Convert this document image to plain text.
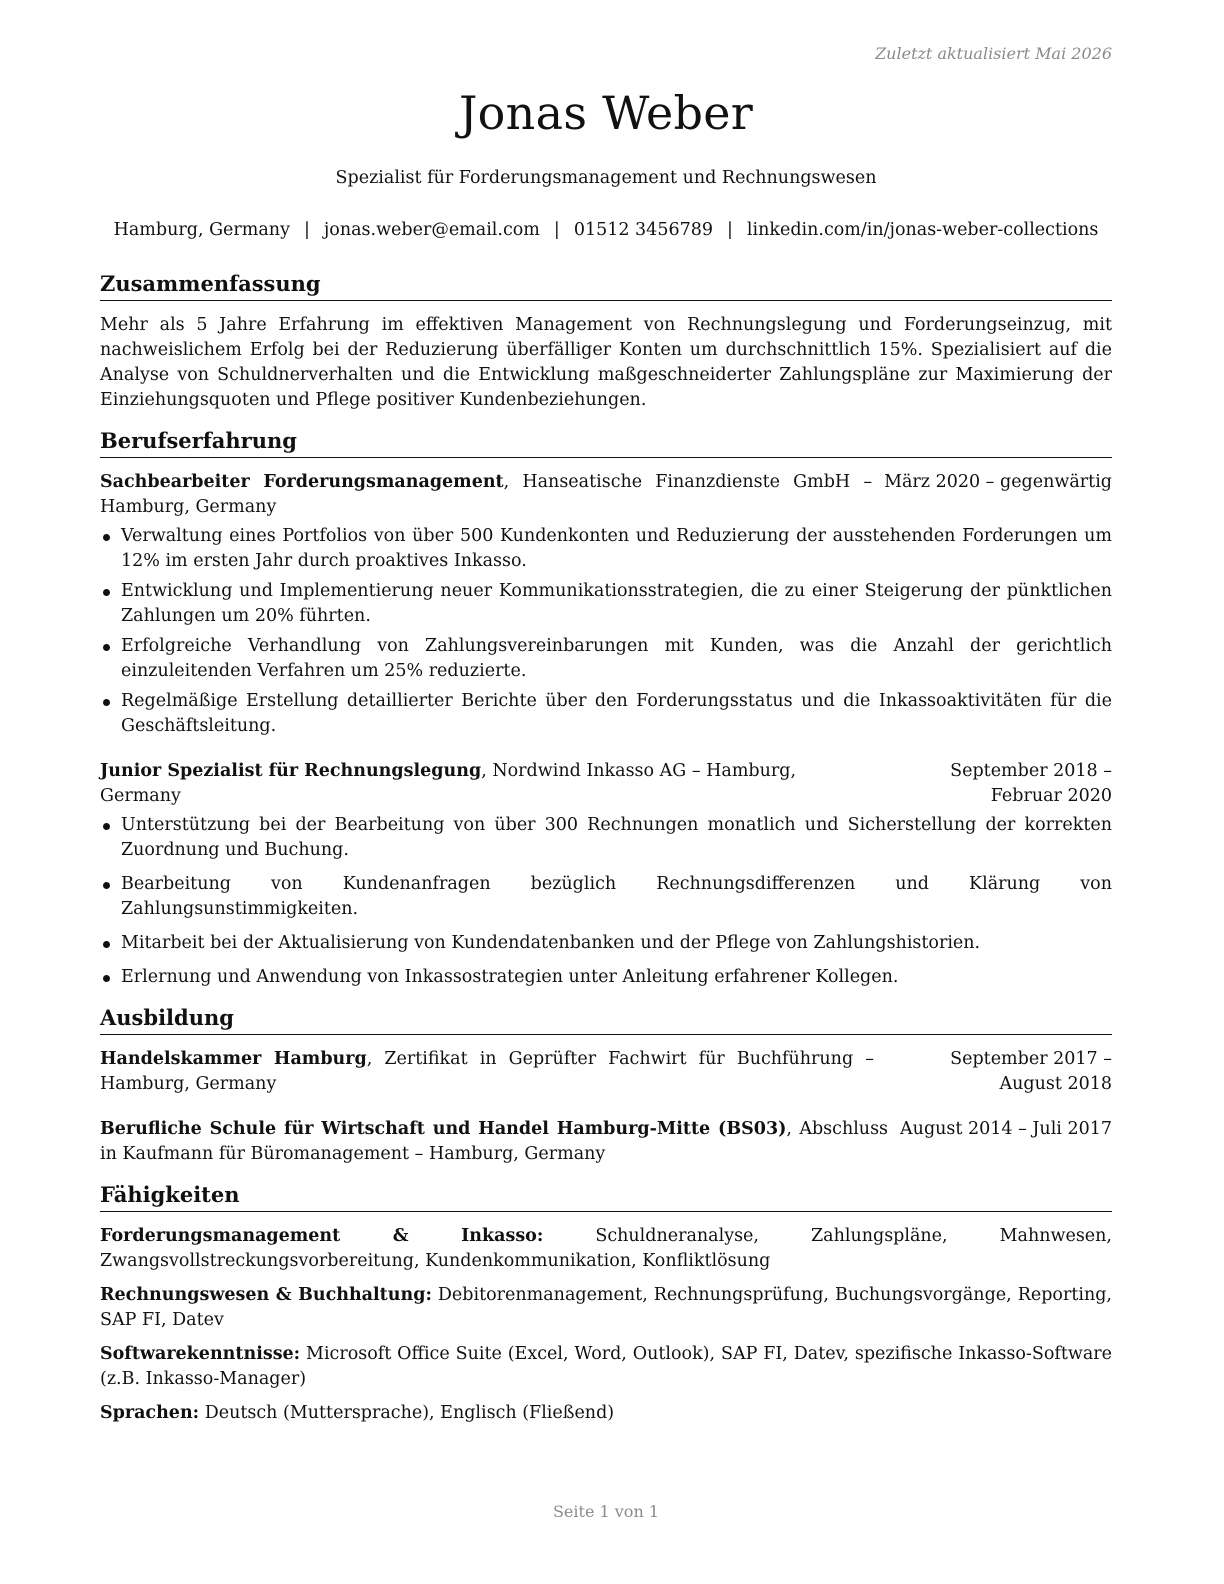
Zuletzt aktualisiert Mai 2026
Jonas Weber
Spezialist für Forderungsmanagement und Rechnungswesen
Hamburg, Germany | jonas.weber@email.com | 01512 3456789 | linkedin.com/in/jonas-weber-collections
Zusammenfassung

Mehr als 5 Jahre Erfahrung im effektiven Management von Rechnungslegung und Forderungseinzug, mit nachweislichem Erfolg bei der Reduzierung überfälliger Konten um durchschnittlich 15%. Spezialisiert auf die Analyse von Schuldnerverhalten und die Entwicklung maßgeschneiderter Zahlungspläne zur Maximierung der Einziehungsquoten und Pflege positiver Kundenbeziehungen.

Berufserfahrung
Sachbearbeiter Forderungsmanagement, Hanseatische Finanzdienste GmbH – Hamburg, Germany
März 2020 – gegenwärtig
Verwaltung eines Portfolios von über 500 Kundenkonten und Reduzierung der ausstehenden Forderungen um 12% im ersten Jahr durch proaktives Inkasso.
Entwicklung und Implementierung neuer Kommunikationsstrategien, die zu einer Steigerung der pünktlichen Zahlungen um 20% führten.
Erfolgreiche Verhandlung von Zahlungsvereinbarungen mit Kunden, was die Anzahl der gerichtlich einzuleitenden Verfahren um 25% reduzierte.
Regelmäßige Erstellung detaillierter Berichte über den Forderungsstatus und die Inkassoaktivitäten für die Geschäftsleitung.
Junior Spezialist für Rechnungslegung, Nordwind Inkasso AG – Hamburg, Germany
September 2018 – Februar 2020
Unterstützung bei der Bearbeitung von über 300 Rechnungen monatlich und Sicherstellung der korrekten Zuordnung und Buchung.
Bearbeitung von Kundenanfragen bezüglich Rechnungsdifferenzen und Klärung von Zahlungsunstimmigkeiten.
Mitarbeit bei der Aktualisierung von Kundendatenbanken und der Pflege von Zahlungshistorien.
Erlernung und Anwendung von Inkassostrategien unter Anleitung erfahrener Kollegen.
Ausbildung
Handelskammer Hamburg, Zertifikat in Geprüfter Fachwirt für Buchführung – Hamburg, Germany
September 2017 – August 2018
Berufliche Schule für Wirtschaft und Handel Hamburg-Mitte (BS03), Abschluss in Kaufmann für Büromanagement – Hamburg, Germany
August 2014 – Juli 2017
Fähigkeiten

Forderungsmanagement & Inkasso: Schuldneranalyse, Zahlungspläne, Mahnwesen, Zwangsvollstreckungsvorbereitung, Kundenkommunikation, Konfliktlösung

Rechnungswesen & Buchhaltung: Debitorenmanagement, Rechnungsprüfung, Buchungsvorgänge, Reporting, SAP FI, Datev

Softwarekenntnisse: Microsoft Office Suite (Excel, Word, Outlook), SAP FI, Datev, spezifische Inkasso-Software (z.B. Inkasso-Manager)

Sprachen: Deutsch (Muttersprache), Englisch (Fließend)

Seite 1 von 1
